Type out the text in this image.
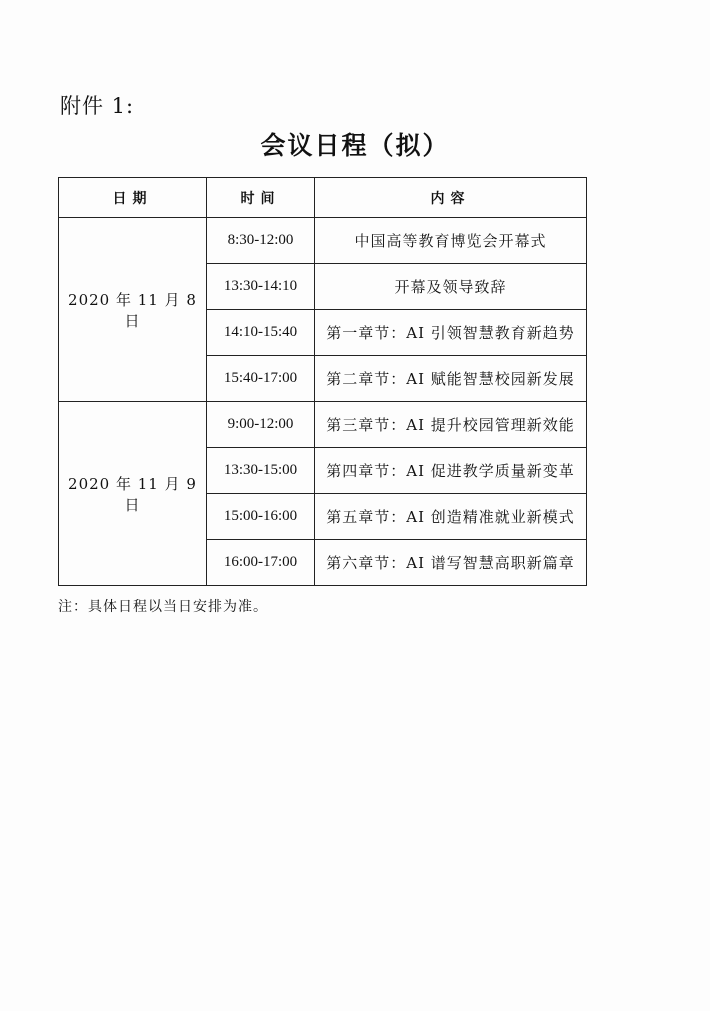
附件 1:
会议日程（拟）
日期	时间	内容
2020 年 11 月 8 日	8:30-12:00	中国高等教育博览会开幕式
	13:30-14:10	开幕及领导致辞
	14:10-15:40	第一章节：AI 引领智慧教育新趋势
	15:40-17:00	第二章节：AI 赋能智慧校园新发展
2020 年 11 月 9 日	9:00-12:00	第三章节：AI 提升校园管理新效能
	13:30-15:00	第四章节：AI 促进教学质量新变革
	15:00-16:00	第五章节：AI 创造精准就业新模式
	16:00-17:00	第六章节：AI 谱写智慧高职新篇章
注：具体日程以当日安排为准。
